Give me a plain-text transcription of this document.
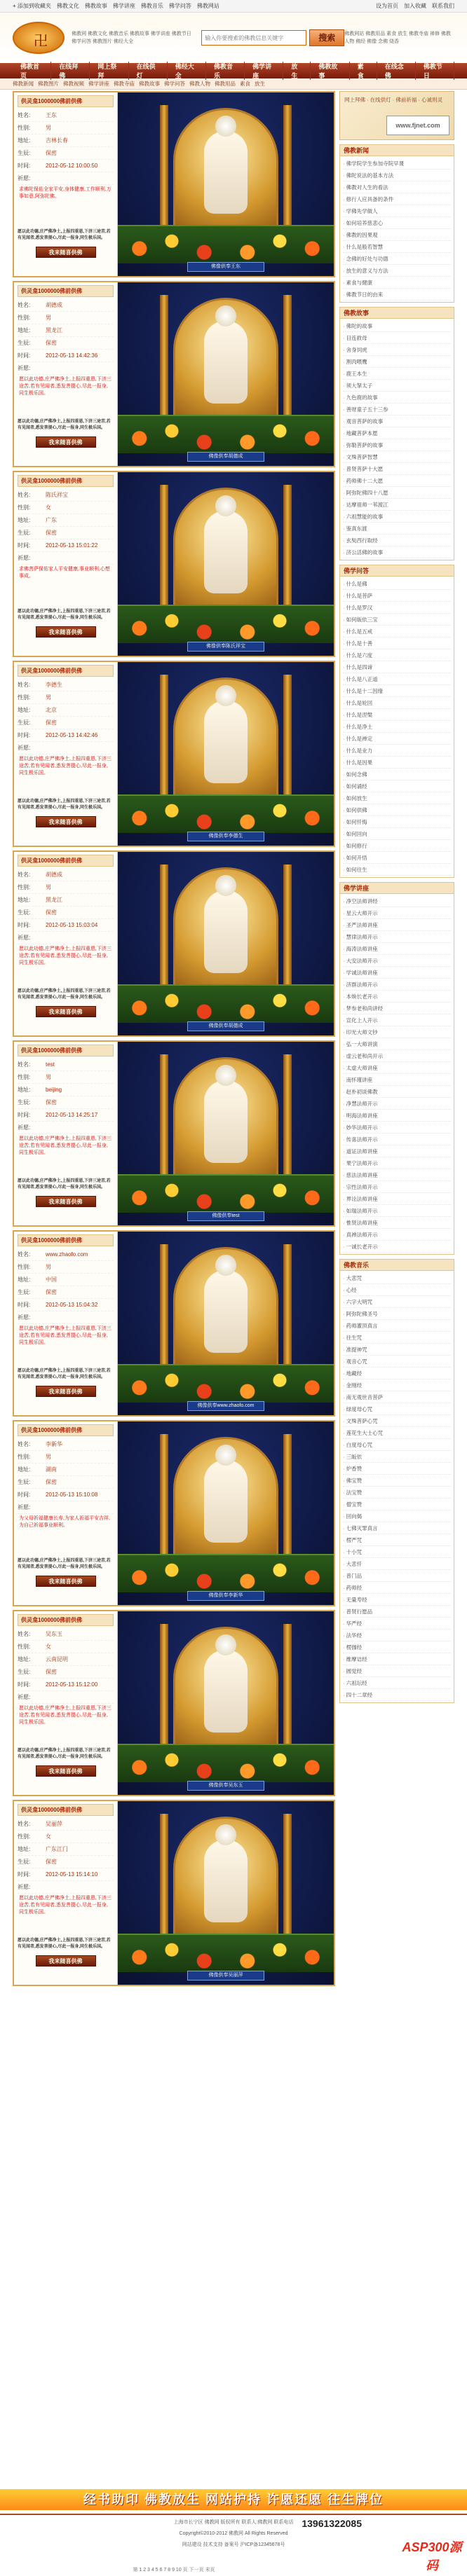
+ 添加到收藏夹 佛教文化 佛教故事 佛学讲座 佛教音乐 佛学问答 佛教网站	设为首页 加入收藏 联系我们
卍
佛教网 佛教文化 佛教音乐 佛教故事 佛学讲座 佛教节日 佛学问答 佛教图片 佛经大全
输入你要搜索的佛教信息关键字	搜索	佛教网站 佛教用品 素食 放生 佛教寺庙 禅修 佛教人物 佛经 佛像 念佛 烧香
佛教首页
在线拜佛
网上祭拜
在线供灯
佛经大全
佛教音乐
佛学讲座
放生
佛教故事
素食
在线念佛
佛教节日
佛教新闻 佛教图片 佛教视频 佛学讲座 佛教寺庙 佛教故事 佛学问答 佛教人物 佛教用品 素食 放生
供灵龛1000000佛前供佛
姓名:	王东
性别:	男
地址:	吉林长春
生辰:	保密
时间:	2012-05-12 10:00:50
祈愿:
求佛陀保佑全家平安,身体健康,工作顺利,万事如意,阿弥陀佛。
愿以此功德,庄严佛净土,上报四重恩,下济三途苦,若有见闻者,悉发菩提心,尽此一报身,同生极乐国。
我来随喜供佛
佛像供奉王东
供灵龛1000000佛前供佛
姓名:	胡德成
性别:	男
地址:	黑龙江
生辰:	保密
时间:	2012-05-13 14:42:36
祈愿:
愿以此功德,庄严佛净土,上报四重恩,下济三途苦,若有见闻者,悉发菩提心,尽此一报身,同生极乐国。
愿以此功德,庄严佛净土,上报四重恩,下济三途苦,若有见闻者,悉发菩提心,尽此一报身,同生极乐国。
我来随喜供佛
佛像供奉胡德成
供灵龛1000000佛前供佛
姓名:	陈氏祥宝
性别:	女
地址:	广东
生辰:	保密
时间:	2012-05-13 15:01:22
祈愿:
求佛菩萨保佑家人平安健康,事业顺利,心想事成。
愿以此功德,庄严佛净土,上报四重恩,下济三途苦,若有见闻者,悉发菩提心,尽此一报身,同生极乐国。
我来随喜供佛
佛像供奉陈氏祥宝
供灵龛1000000佛前供佛
姓名:	李德生
性别:	男
地址:	北京
生辰:	保密
时间:	2012-05-13 14:42:46
祈愿:
愿以此功德,庄严佛净土,上报四重恩,下济三途苦,若有见闻者,悉发菩提心,尽此一报身,同生极乐国。
愿以此功德,庄严佛净土,上报四重恩,下济三途苦,若有见闻者,悉发菩提心,尽此一报身,同生极乐国。
我来随喜供佛
佛像供奉李德生
供灵龛1000000佛前供佛
姓名:	胡德成
性别:	男
地址:	黑龙江
生辰:	保密
时间:	2012-05-13 15:03:04
祈愿:
愿以此功德,庄严佛净土,上报四重恩,下济三途苦,若有见闻者,悉发菩提心,尽此一报身,同生极乐国。
愿以此功德,庄严佛净土,上报四重恩,下济三途苦,若有见闻者,悉发菩提心,尽此一报身,同生极乐国。
我来随喜供佛
佛像供奉胡德成
供灵龛1000000佛前供佛
姓名:	test
性别:	男
地址:	beijing
生辰:	保密
时间:	2012-05-13 14:25:17
祈愿:
愿以此功德,庄严佛净土,上报四重恩,下济三途苦,若有见闻者,悉发菩提心,尽此一报身,同生极乐国。
愿以此功德,庄严佛净土,上报四重恩,下济三途苦,若有见闻者,悉发菩提心,尽此一报身,同生极乐国。
我来随喜供佛
佛像供奉test
供灵龛1000000佛前供佛
姓名:	www.zhaofo.com
性别:	男
地址:	中国
生辰:	保密
时间:	2012-05-13 15:04:32
祈愿:
愿以此功德,庄严佛净土,上报四重恩,下济三途苦,若有见闻者,悉发菩提心,尽此一报身,同生极乐国。
愿以此功德,庄严佛净土,上报四重恩,下济三途苦,若有见闻者,悉发菩提心,尽此一报身,同生极乐国。
我来随喜供佛
佛像供奉www.zhaofo.com
供灵龛1000000佛前供佛
姓名:	李新华
性别:	男
地址:	湖南
生辰:	保密
时间:	2012-05-13 15:10:08
祈愿:
为父母祈福健康长寿,为家人祈福平安吉祥,为自己祈福事业顺利。
愿以此功德,庄严佛净土,上报四重恩,下济三途苦,若有见闻者,悉发菩提心,尽此一报身,同生极乐国。
我来随喜供佛
佛像供奉李新华
供灵龛1000000佛前供佛
姓名:	吴东玉
性别:	女
地址:	云南昆明
生辰:	保密
时间:	2012-05-13 15:12:00
祈愿:
愿以此功德,庄严佛净土,上报四重恩,下济三途苦,若有见闻者,悉发菩提心,尽此一报身,同生极乐国。
愿以此功德,庄严佛净土,上报四重恩,下济三途苦,若有见闻者,悉发菩提心,尽此一报身,同生极乐国。
我来随喜供佛
佛像供奉吴东玉
供灵龛1000000佛前供佛
姓名:	吴丽萍
性别:	女
地址:	广东江门
生辰:	保密
时间:	2012-05-13 15:14:10
祈愿:
愿以此功德,庄严佛净土,上报四重恩,下济三途苦,若有见闻者,悉发菩提心,尽此一报身,同生极乐国。
愿以此功德,庄严佛净土,上报四重恩,下济三途苦,若有见闻者,悉发菩提心,尽此一报身,同生极乐国。
我来随喜供佛
佛像供奉吴丽萍
第 1 2 3 4 5 6 7 8 9 10 页 下一页 末页
网上拜佛 · 在线供灯 · 佛前祈福 · 心诚则灵
www.fjnet.com
佛教新闻
· 佛学院学生参加寺院早课
· 佛陀说法的基本方法
· 佛教对人生的看法
· 修行人应具备的条件
· 学佛先学做人
· 如何培养慈悲心
· 佛教的因果观
· 什么是般若智慧
· 念佛的好处与功德
· 放生的意义与方法
· 素食与健康
· 佛教节日的由来
佛教故事
· 佛陀的故事
· 目连救母
· 舍身饲虎
· 割肉喂鹰
· 鹿王本生
· 须大拏太子
· 九色鹿的故事
· 善财童子五十三参
· 观音菩萨的故事
· 地藏菩萨本愿
· 弥勒菩萨的故事
· 文殊菩萨智慧
· 普贤菩萨十大愿
· 药师佛十二大愿
· 阿弥陀佛四十八愿
· 达摩祖师一苇渡江
· 六祖慧能的故事
· 鉴真东渡
· 玄奘西行取经
· 济公活佛的故事
佛学问答
· 什么是佛
· 什么是菩萨
· 什么是罗汉
· 如何皈依三宝
· 什么是五戒
· 什么是十善
· 什么是六度
· 什么是四谛
· 什么是八正道
· 什么是十二因缘
· 什么是轮回
· 什么是涅槃
· 什么是净土
· 什么是禅定
· 什么是业力
· 什么是因果
· 如何念佛
· 如何诵经
· 如何放生
· 如何供佛
· 如何忏悔
· 如何回向
· 如何修行
· 如何开悟
· 如何往生
佛学讲座
· 净空法师讲经
· 星云大师开示
· 圣严法师讲座
· 慧律法师开示
· 海涛法师讲座
· 大安法师开示
· 学诚法师讲座
· 济群法师开示
· 本焕长老开示
· 梦参老和尚讲经
· 宣化上人开示
· 印光大师文钞
· 弘一大师讲演
· 虚云老和尚开示
· 太虚大师讲座
· 南怀瑾讲座
· 赵朴初谈佛教
· 净慧法师开示
· 明海法师讲座
· 妙华法师开示
· 传喜法师开示
· 道证法师讲座
· 果宁法师开示
· 慈法法师讲座
· 宗性法师开示
· 界诠法师讲座
· 如瑞法师开示
· 惟贤法师讲座
· 真禅法师开示
· 一诚长老开示
佛教音乐
· 大悲咒
· 心经
· 六字大明咒
· 阿弥陀佛圣号
· 药师灌顶真言
· 往生咒
· 准提神咒
· 观音心咒
· 地藏经
· 金刚经
· 南无观世音菩萨
· 绿度母心咒
· 文殊菩萨心咒
· 莲花生大士心咒
· 白度母心咒
· 三皈依
· 炉香赞
· 佛宝赞
· 法宝赞
· 僧宝赞
· 回向偈
· 七佛灭罪真言
· 楞严咒
· 十小咒
· 大悲忏
· 普门品
· 药师经
· 无量寿经
· 普贤行愿品
· 华严经
· 法华经
· 楞伽经
· 维摩诘经
· 圆觉经
· 六祖坛经
· 四十二章经
经书助印 佛教放生 网站护持 许愿还愿 往生牌位
上海市长宁区 佛教网 版权所有 联系人:佛教网 联系电话
Copyright©2010-2012 佛教网 All Rights Reserved
网站建设 技术支持 备案号 沪ICP备12345678号
13961322085
ASP300源码
